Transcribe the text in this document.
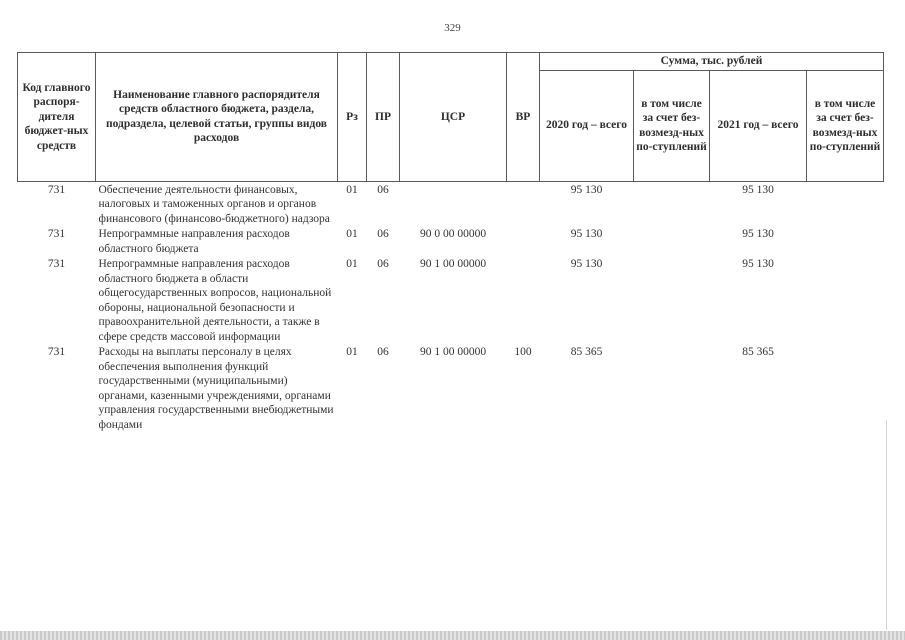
329
Код главного распоря-дителя бюджет-ных средств	Наименование главного распорядителя средств областного бюджета, раздела, подраздела, целевой статьи, группы видов расходов	Рз	ПР	ЦСР	ВР	Сумма, тыс. рублей			
						2020 год – всего	в том числе за счет без-возмезд-ных по-ступлений	2021 год – всего	в том числе за счет без-возмезд-ных по-ступлений
731	Обеспечение деятельности финансовых, налоговых и таможенных органов и органов финансового (финансово-бюджетного) надзора	01	06			95 130		95 130	
731	Непрограммные направления расходов областного бюджета	01	06	90 0 00 00000		95 130		95 130	
731	Непрограммные направления расходов областного бюджета в области общегосударственных вопросов, национальной обороны, национальной безопасности и правоохранительной деятельности, а также в сфере средств массовой информации	01	06	90 1 00 00000		95 130		95 130	
731	Расходы на выплаты персоналу в целях обеспечения выполнения функций государственными (муниципальными) органами, казенными учреждениями, органами управления государственными внебюджетными фондами	01	06	90 1 00 00000	100	85 365		85 365	
